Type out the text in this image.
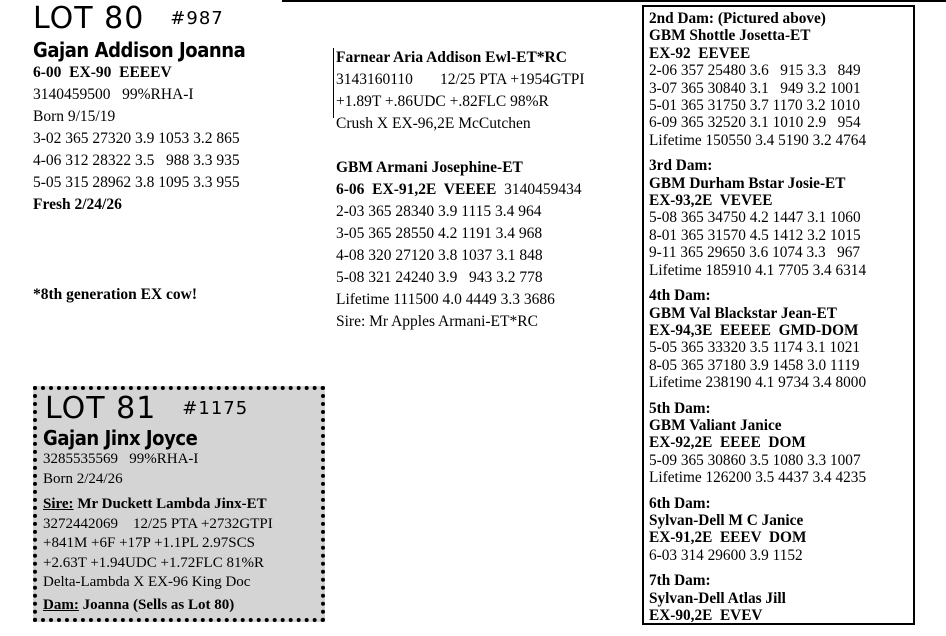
LOT 80 #987
Gajan Addison Joanna
6-00  EX-90  EEEEV
3140459500   99%RHA-I
Born 9/15/19
3-02 365 27320 3.9 1053 3.2 865
4-06 312 28322 3.5   988 3.3 935
5-05 315 28962 3.8 1095 3.3 955
Fresh 2/24/26
*8th generation EX cow!
Farnear Aria Addison Ewl-ET*RC
3143160110       12/25 PTA +1954GTPI
+1.89T +.86UDC +.82FLC 98%R
Crush X EX-96,2E McCutchen
GBM Armani Josephine-ET
6-06  EX-91,2E  VEEEE  3140459434
2-03 365 28340 3.9 1115 3.4 964
3-05 365 28550 4.2 1191 3.4 968
4-08 320 27120 3.8 1037 3.1 848
5-08 321 24240 3.9   943 3.2 778
Lifetime 111500 4.0 4449 3.3 3686
Sire: Mr Apples Armani-ET*RC
2nd Dam: (Pictured above)
GBM Shottle Josetta-ET
EX-92  EEVEE
2-06 357 25480 3.6   915 3.3   849
3-07 365 30840 3.1   949 3.2 1001
5-01 365 31750 3.7 1170 3.2 1010
6-09 365 32520 3.1 1010 2.9   954
Lifetime 150550 3.4 5190 3.2 4764
3rd Dam:
GBM Durham Bstar Josie-ET
EX-93,2E  VEVEE
5-08 365 34750 4.2 1447 3.1 1060
8-01 365 31570 4.5 1412 3.2 1015
9-11 365 29650 3.6 1074 3.3   967
Lifetime 185910 4.1 7705 3.4 6314
4th Dam:
GBM Val Blackstar Jean-ET
EX-94,3E  EEEEE  GMD-DOM
5-05 365 33320 3.5 1174 3.1 1021
8-05 365 37180 3.9 1458 3.0 1119
Lifetime 238190 4.1 9734 3.4 8000
5th Dam:
GBM Valiant Janice
EX-92,2E  EEEE  DOM
5-09 365 30860 3.5 1080 3.3 1007
Lifetime 126200 3.5 4437 3.4 4235
6th Dam:
Sylvan-Dell M C Janice
EX-91,2E  EEEV  DOM
6-03 314 29600 3.9 1152
7th Dam:
Sylvan-Dell Atlas Jill
EX-90,2E  EVEV
LOT 81 #1175
Gajan Jinx Joyce
3285535569   99%RHA-I
Born 2/24/26
Sire: Mr Duckett Lambda Jinx-ET
3272442069    12/25 PTA +2732GTPI
+841M +6F +17P +1.1PL 2.97SCS
+2.63T +1.94UDC +1.72FLC 81%R
Delta-Lambda X EX-96 King Doc
Dam: Joanna (Sells as Lot 80)
